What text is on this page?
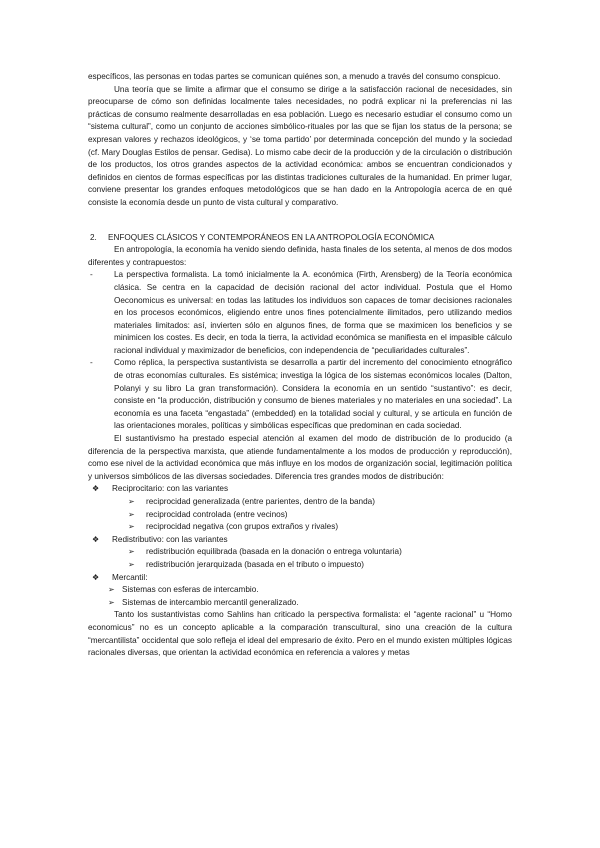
específicos, las personas en todas partes se comunican quiénes son, a menudo a través del consumo conspicuo.

Una teoría que se limite a afirmar que el consumo se dirige a la satisfacción racional de necesidades, sin preocuparse de cómo son definidas localmente tales necesidades, no podrá explicar ni la preferencias ni las prácticas de consumo realmente desarrolladas en esa población. Luego es necesario estudiar el consumo como un “sistema cultural”, como un conjunto de acciones simbólico-rituales por las que se fijan los status de la persona; se expresan valores y rechazos ideológicos, y ‘se toma partido’ por determinada concepción del mundo y la sociedad (cf. Mary Douglas Estilos de pensar. Gedisa). Lo mismo cabe decir de la producción y de la circulación o distribución de los productos, los otros grandes aspectos de la actividad económica: ambos se encuentran condicionados y definidos en cientos de formas específicas por las distintas tradiciones culturales de la humanidad. En primer lugar, conviene presentar los grandes enfoques metodológicos que se han dado en la Antropología acerca de en qué consiste la economía desde un punto de vista cultural y comparativo.

2. ENFOQUES CLÁSICOS Y CONTEMPORÁNEOS EN LA ANTROPOLOGÍA ECONÓMICA

En antropología, la economía ha venido siendo definida, hasta finales de los setenta, al menos de dos modos diferentes y contrapuestos:

-	La perspectiva formalista. La tomó inicialmente la A. económica (Firth, Arensberg) de la Teoría económica clásica. Se centra en la capacidad de decisión racional del actor individual. Postula que el Homo Oeconomicus es universal: en todas las latitudes los individuos son capaces de tomar decisiones racionales en los procesos económicos, eligiendo entre unos fines potencialmente ilimitados, pero utilizando medios materiales limitados: así, invierten sólo en algunos fines, de forma que se maximicen los beneficios y se minimicen los costes. Es decir, en toda la tierra, la actividad económica se manifiesta en el impasible cálculo racional individual y maximizador de beneficios, con independencia de “peculiaridades culturales”.
-	Como réplica, la perspectiva sustantivista se desarrolla a partir del incremento del conocimiento etnográfico de otras economías culturales. Es sistémica; investiga la lógica de los sistemas económicos locales (Dalton, Polanyi y su libro La gran transformación). Considera la economía en un sentido “sustantivo”: es decir, consiste en “la producción, distribución y consumo de bienes materiales y no materiales en una sociedad”. La economía es una faceta “engastada” (embedded) en la totalidad social y cultural, y se articula en función de las orientaciones morales, políticas y simbólicas específicas que predominan en cada sociedad.

El sustantivismo ha prestado especial atención al examen del modo de distribución de lo producido (a diferencia de la perspectiva marxista, que atiende fundamentalmente a los modos de producción y reproducción), como ese nivel de la actividad económica que más influye en los modos de organización social, legitimación política y universos simbólicos de las diversas sociedades. Diferencia tres grandes modos de distribución:

❖ Reciprocitario: con las variantes
➢ reciprocidad generalizada (entre parientes, dentro de la banda)
➢ reciprocidad controlada (entre vecinos)
➢ reciprocidad negativa (con grupos extraños y rivales)
❖ Redistributivo: con las variantes
➢ redistribución equilibrada (basada en la donación o entrega voluntaria)
➢ redistribución jerarquizada (basada en el tributo o impuesto)
❖ Mercantil:
➢ Sistemas con esferas de intercambio.
➢ Sistemas de intercambio mercantil generalizado.

Tanto los sustantivistas como Sahlins han criticado la perspectiva formalista: el “agente racional” u “Homo economicus” no es un concepto aplicable a la comparación transcultural, sino una creación de la cultura “mercantilista” occidental que solo refleja el ideal del empresario de éxito. Pero en el mundo existen múltiples lógicas racionales diversas, que orientan la actividad económica en referencia a valores y metas
